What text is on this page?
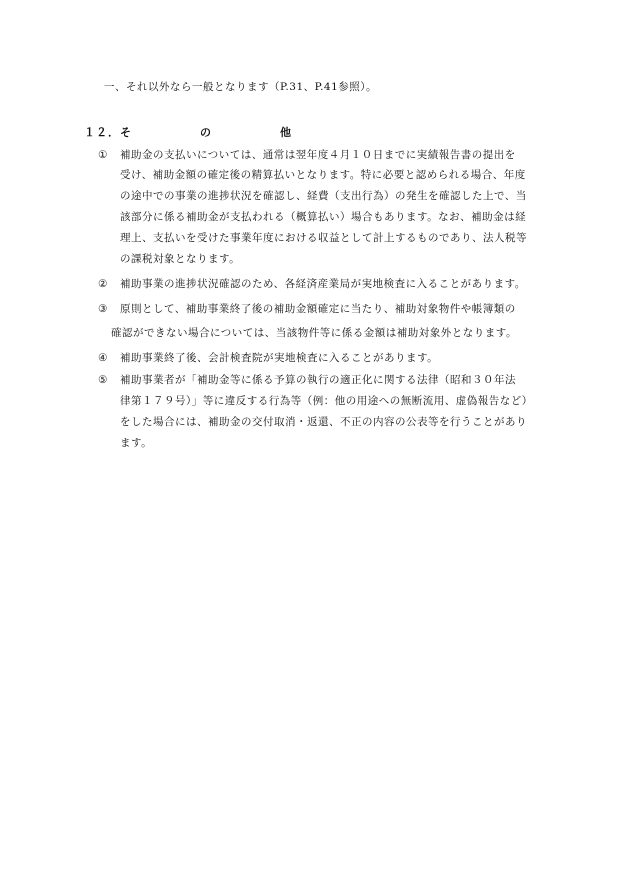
一、それ以外なら一般となります（P.31、P.41参照）。
１２．そ	の	他
① 補助金の支払いについては、通常は翌年度４月１０日までに実績報告書の提出を
受け、補助金額の確定後の精算払いとなります。特に必要と認められる場合、年度
の途中での事業の進捗状況を確認し、経費（支出行為）の発生を確認した上で、当
該部分に係る補助金が支払われる（概算払い）場合もあります。なお、補助金は経
理上、支払いを受けた事業年度における収益として計上するものであり、法人税等
の課税対象となります。
② 補助事業の進捗状況確認のため、各経済産業局が実地検査に入ることがあります。
③ 原則として、補助事業終了後の補助金額確定に当たり、補助対象物件や帳簿類の
確認ができない場合については、当該物件等に係る金額は補助対象外となります。
④ 補助事業終了後、会計検査院が実地検査に入ることがあります。
⑤ 補助事業者が「補助金等に係る予算の執行の適正化に関する法律（昭和３０年法
律第１７９号）」等に違反する行為等（例：他の用途への無断流用、虚偽報告など）
をした場合には、補助金の交付取消・返還、不正の内容の公表等を行うことがあり
ます。
